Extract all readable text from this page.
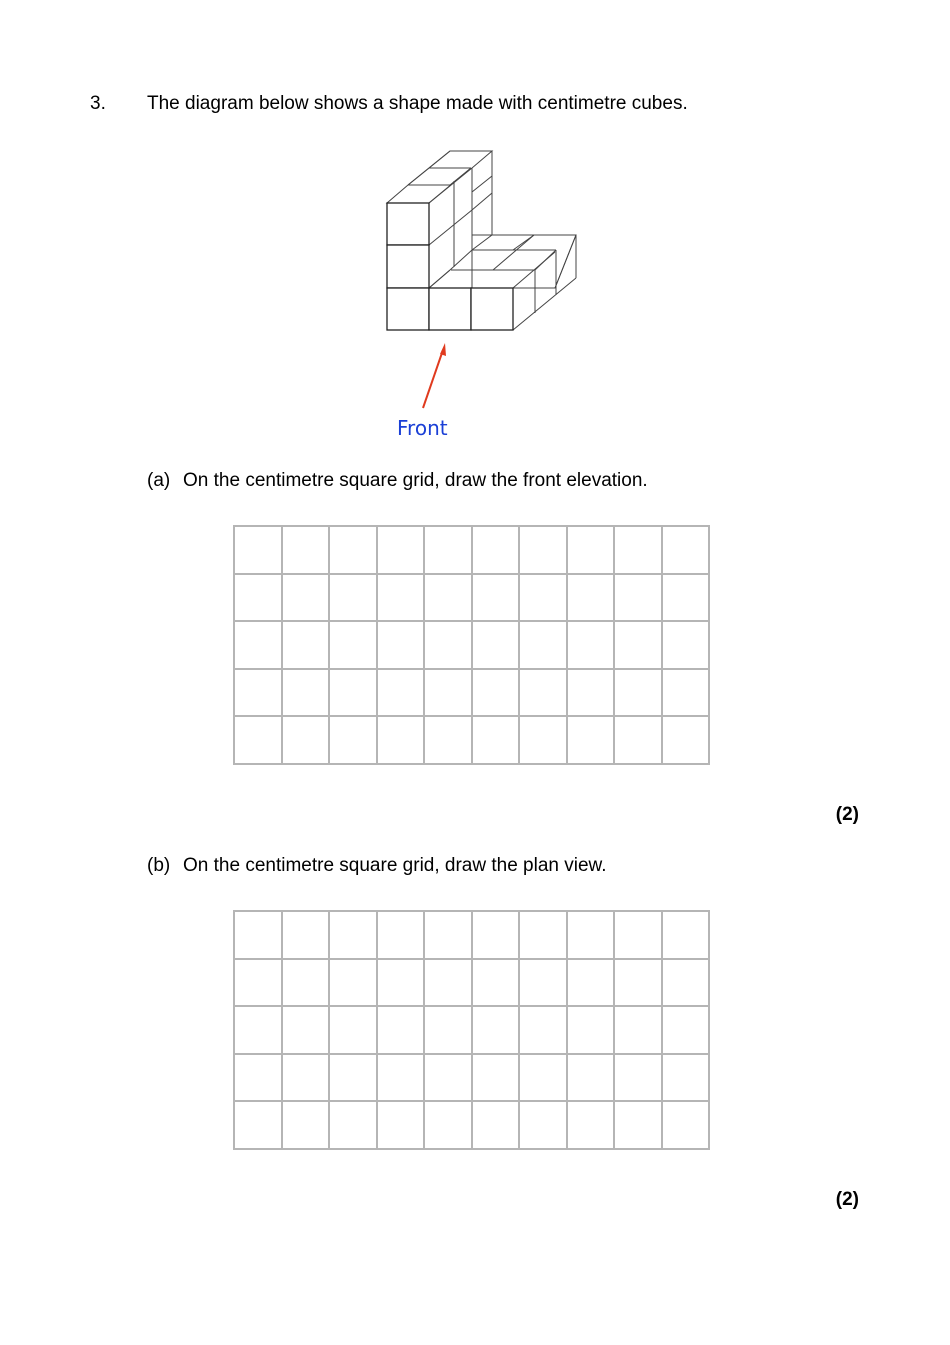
3. The diagram below shows a shape made with centimetre cubes.
Front
(a) On the centimetre square grid, draw the front elevation.
(2)
(b) On the centimetre square grid, draw the plan view.
(2)
